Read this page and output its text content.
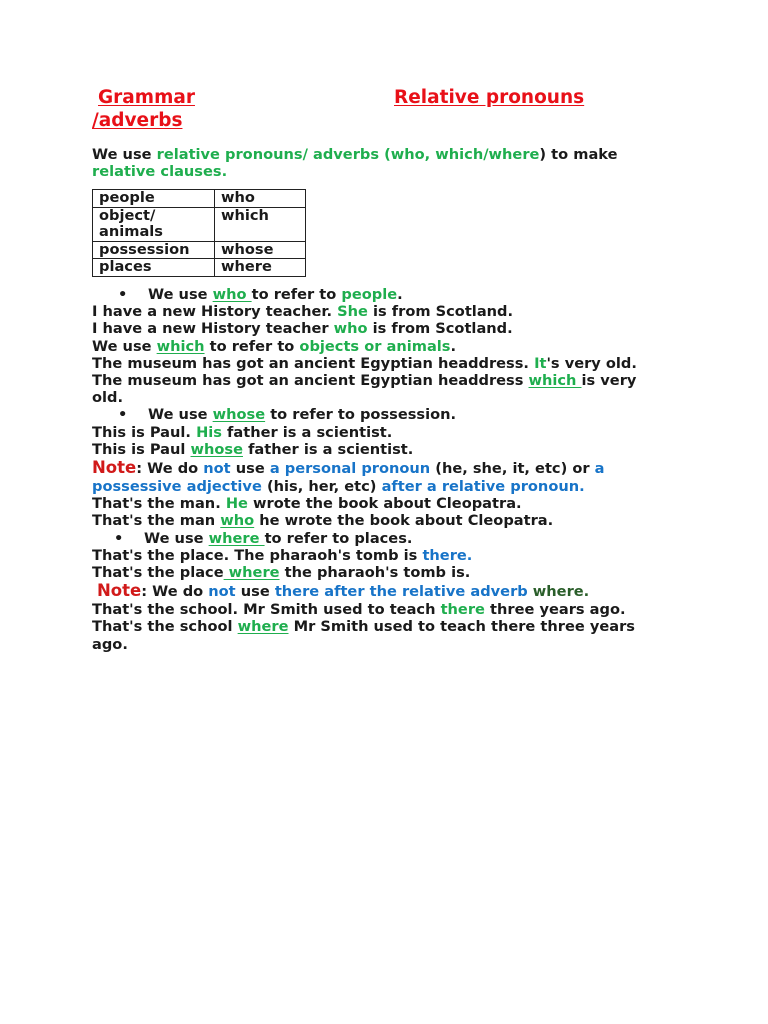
Grammar	Relative pronouns
/adverbs
We use relative pronouns/ adverbs (who, which/where) to make
relative clauses.
people	who
object/
animals	which
possession	whose
places	where
• We use who to refer to people.
I have a new History teacher. She is from Scotland.
I have a new History teacher who is from Scotland.
We use which to refer to objects or animals.
The museum has got an ancient Egyptian headdress. It's very old.
The museum has got an ancient Egyptian headdress which is very
old.
• We use whose to refer to possession.
This is Paul. His father is a scientist.
This is Paul whose father is a scientist.
Note: We do not use a personal pronoun (he, she, it, etc) or a
possessive adjective (his, her, etc) after a relative pronoun.
That's the man. He wrote the book about Cleopatra.
That's the man who he wrote the book about Cleopatra.
• We use where to refer to places.
That's the place. The pharaoh's tomb is there.
That's the place where the pharaoh's tomb is.
Note: We do not use there after the relative adverb where.
That's the school. Mr Smith used to teach there three years ago.
That's the school where Mr Smith used to teach there three years
ago.
